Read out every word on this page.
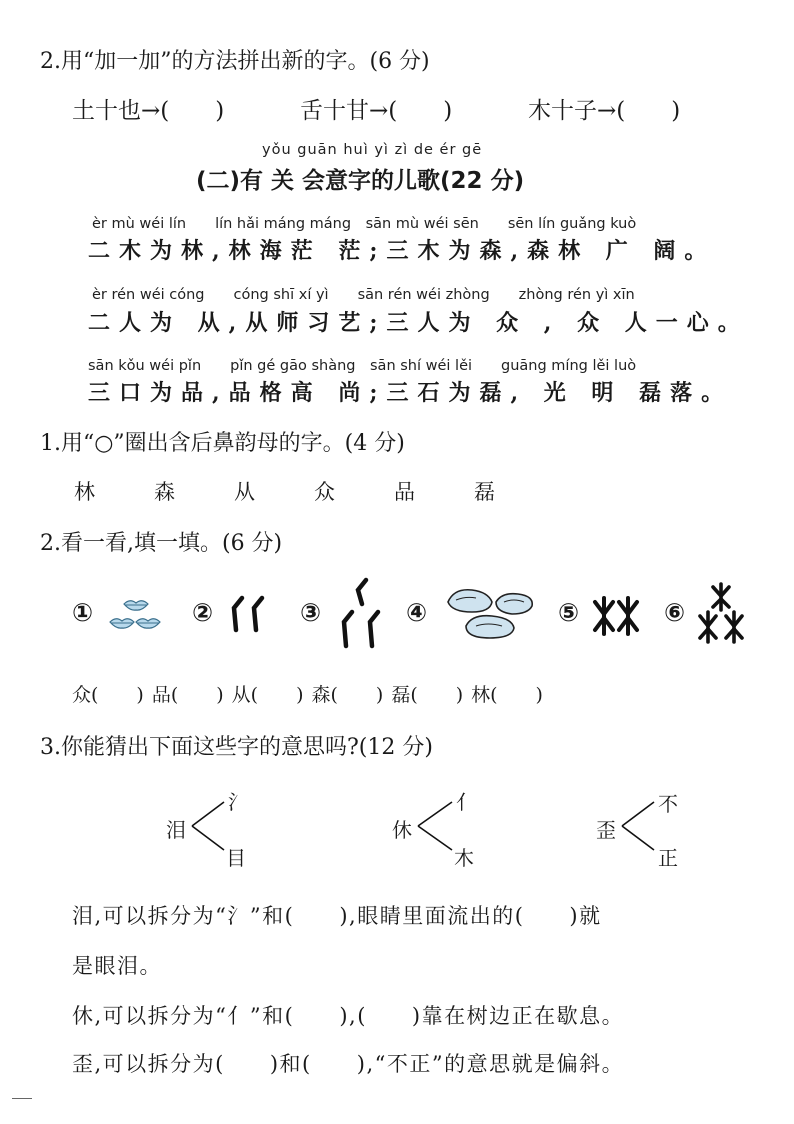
2.用“加一加”的方法拼出新的字。(6 分)
土十也→(　　)	舌十甘→(　　)	木十子→(　　)
yǒu guān huì yì zì de ér gē
(二)有 关 会意字的儿歌(22 分)
èr mù wéi lín　　lín hǎi máng máng　sān mù wéi sēn　　sēn lín guǎng kuò
二木为林,林海茫 茫;三木为森,森林 广 阔。
èr rén wéi cóng　　cóng shī xí yì　　sān rén wéi zhòng　　zhòng rén yì xīn
二人为 从,从师习艺;三人为 众 , 众 人一心。
sān kǒu wéi pǐn　　pǐn gé gāo shàng　sān shí wéi lěi　　guāng míng lěi luò
三口为品,品格高 尚;三石为磊, 光 明 磊落。
1.用“○”圈出含后鼻韵母的字。(4 分)
林	森	从	众	品	磊
2.看一看,填一填。(6 分)
①	②	③	④	⑤	⑥
众(　　) 品(　　) 从(　　) 森(　　) 磊(　　) 林(　　)
3.你能猜出下面这些字的意思吗?(12 分)
泪
氵
目
休
亻
木
歪
不
正
泪,可以拆分为“氵”和(　　),眼睛里面流出的(　　)就
是眼泪。
休,可以拆分为“亻”和(　　),(　　)靠在树边正在歇息。
歪,可以拆分为(　　)和(　　),“不正”的意思就是偏斜。
